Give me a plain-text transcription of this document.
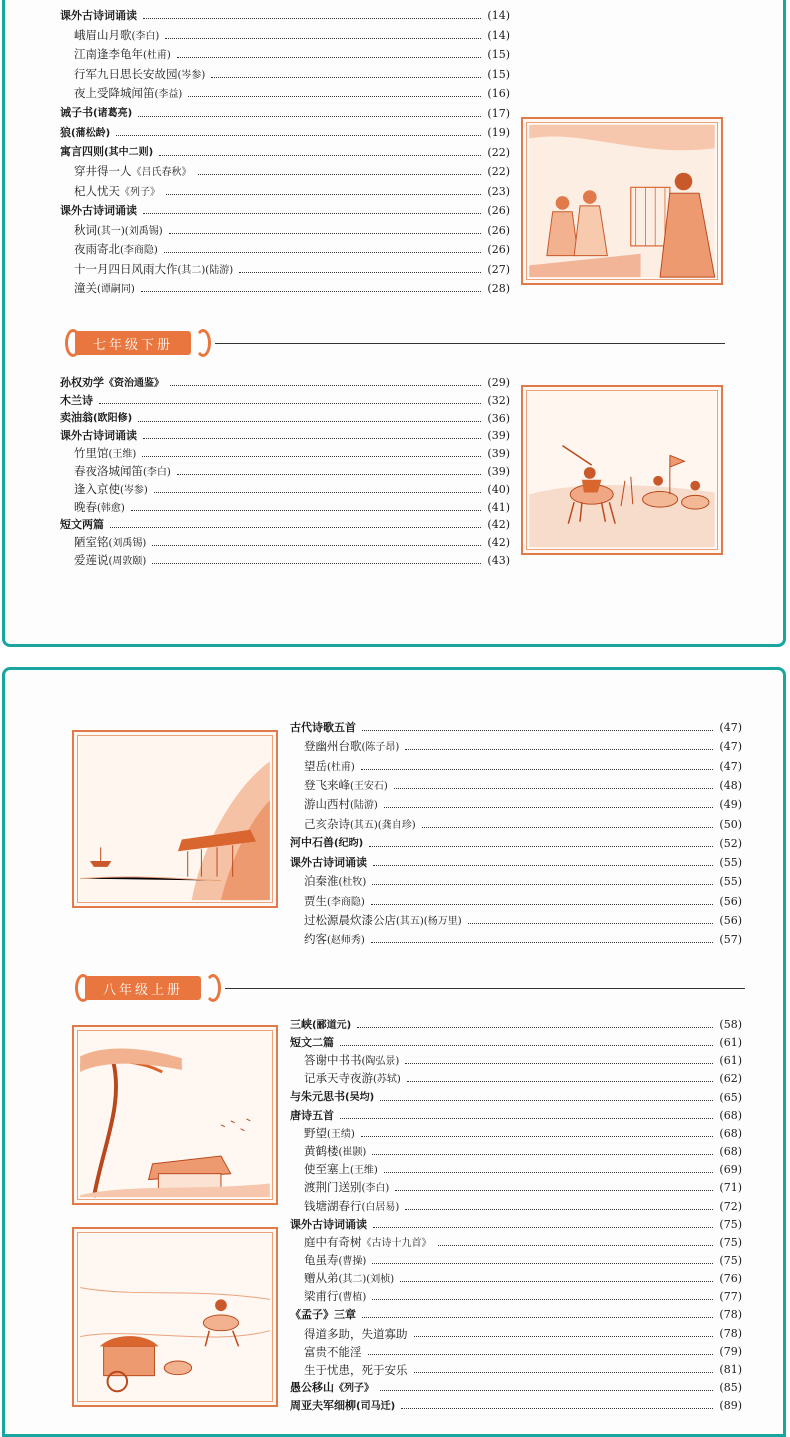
课外古诗词诵读	(14)
峨眉山月歌(李白)	(14)
江南逢李龟年(杜甫)	(15)
行军九日思长安故园(岑参)	(15)
夜上受降城闻笛(李益)	(16)
诫子书(诸葛亮)	(17)
狼(蒲松龄)	(19)
寓言四则(其中二则)	(22)
穿井得一人《吕氏春秋》	(22)
杞人忧天《列子》	(23)
课外古诗词诵读	(26)
秋词(其一)(刘禹锡)	(26)
夜雨寄北(李商隐)	(26)
十一月四日风雨大作(其二)(陆游)	(27)
潼关(谭嗣同)	(28)
七年级下册
孙权劝学《资治通鉴》	(29)
木兰诗	(32)
卖油翁(欧阳修)	(36)
课外古诗词诵读	(39)
竹里馆(王维)	(39)
春夜洛城闻笛(李白)	(39)
逢入京使(岑参)	(40)
晚春(韩愈)	(41)
短文两篇	(42)
陋室铭(刘禹锡)	(42)
爱莲说(周敦颐)	(43)
古代诗歌五首	(47)
登幽州台歌(陈子昂)	(47)
望岳(杜甫)	(47)
登飞来峰(王安石)	(48)
游山西村(陆游)	(49)
己亥杂诗(其五)(龚自珍)	(50)
河中石兽(纪昀)	(52)
课外古诗词诵读	(55)
泊秦淮(杜牧)	(55)
贾生(李商隐)	(56)
过松源晨炊漆公店(其五)(杨万里)	(56)
约客(赵师秀)	(57)
八年级上册
三峡(郦道元)	(58)
短文二篇	(61)
答谢中书书(陶弘景)	(61)
记承天寺夜游(苏轼)	(62)
与朱元思书(吴均)	(65)
唐诗五首	(68)
野望(王绩)	(68)
黄鹤楼(崔颢)	(68)
使至塞上(王维)	(69)
渡荆门送别(李白)	(71)
钱塘湖春行(白居易)	(72)
课外古诗词诵读	(75)
庭中有奇树《古诗十九首》	(75)
龟虽寿(曹操)	(75)
赠从弟(其二)(刘桢)	(76)
梁甫行(曹植)	(77)
《孟子》三章	(78)
得道多助，失道寡助	(78)
富贵不能淫	(79)
生于忧患，死于安乐	(81)
愚公移山《列子》	(85)
周亚夫军细柳(司马迁)	(89)
